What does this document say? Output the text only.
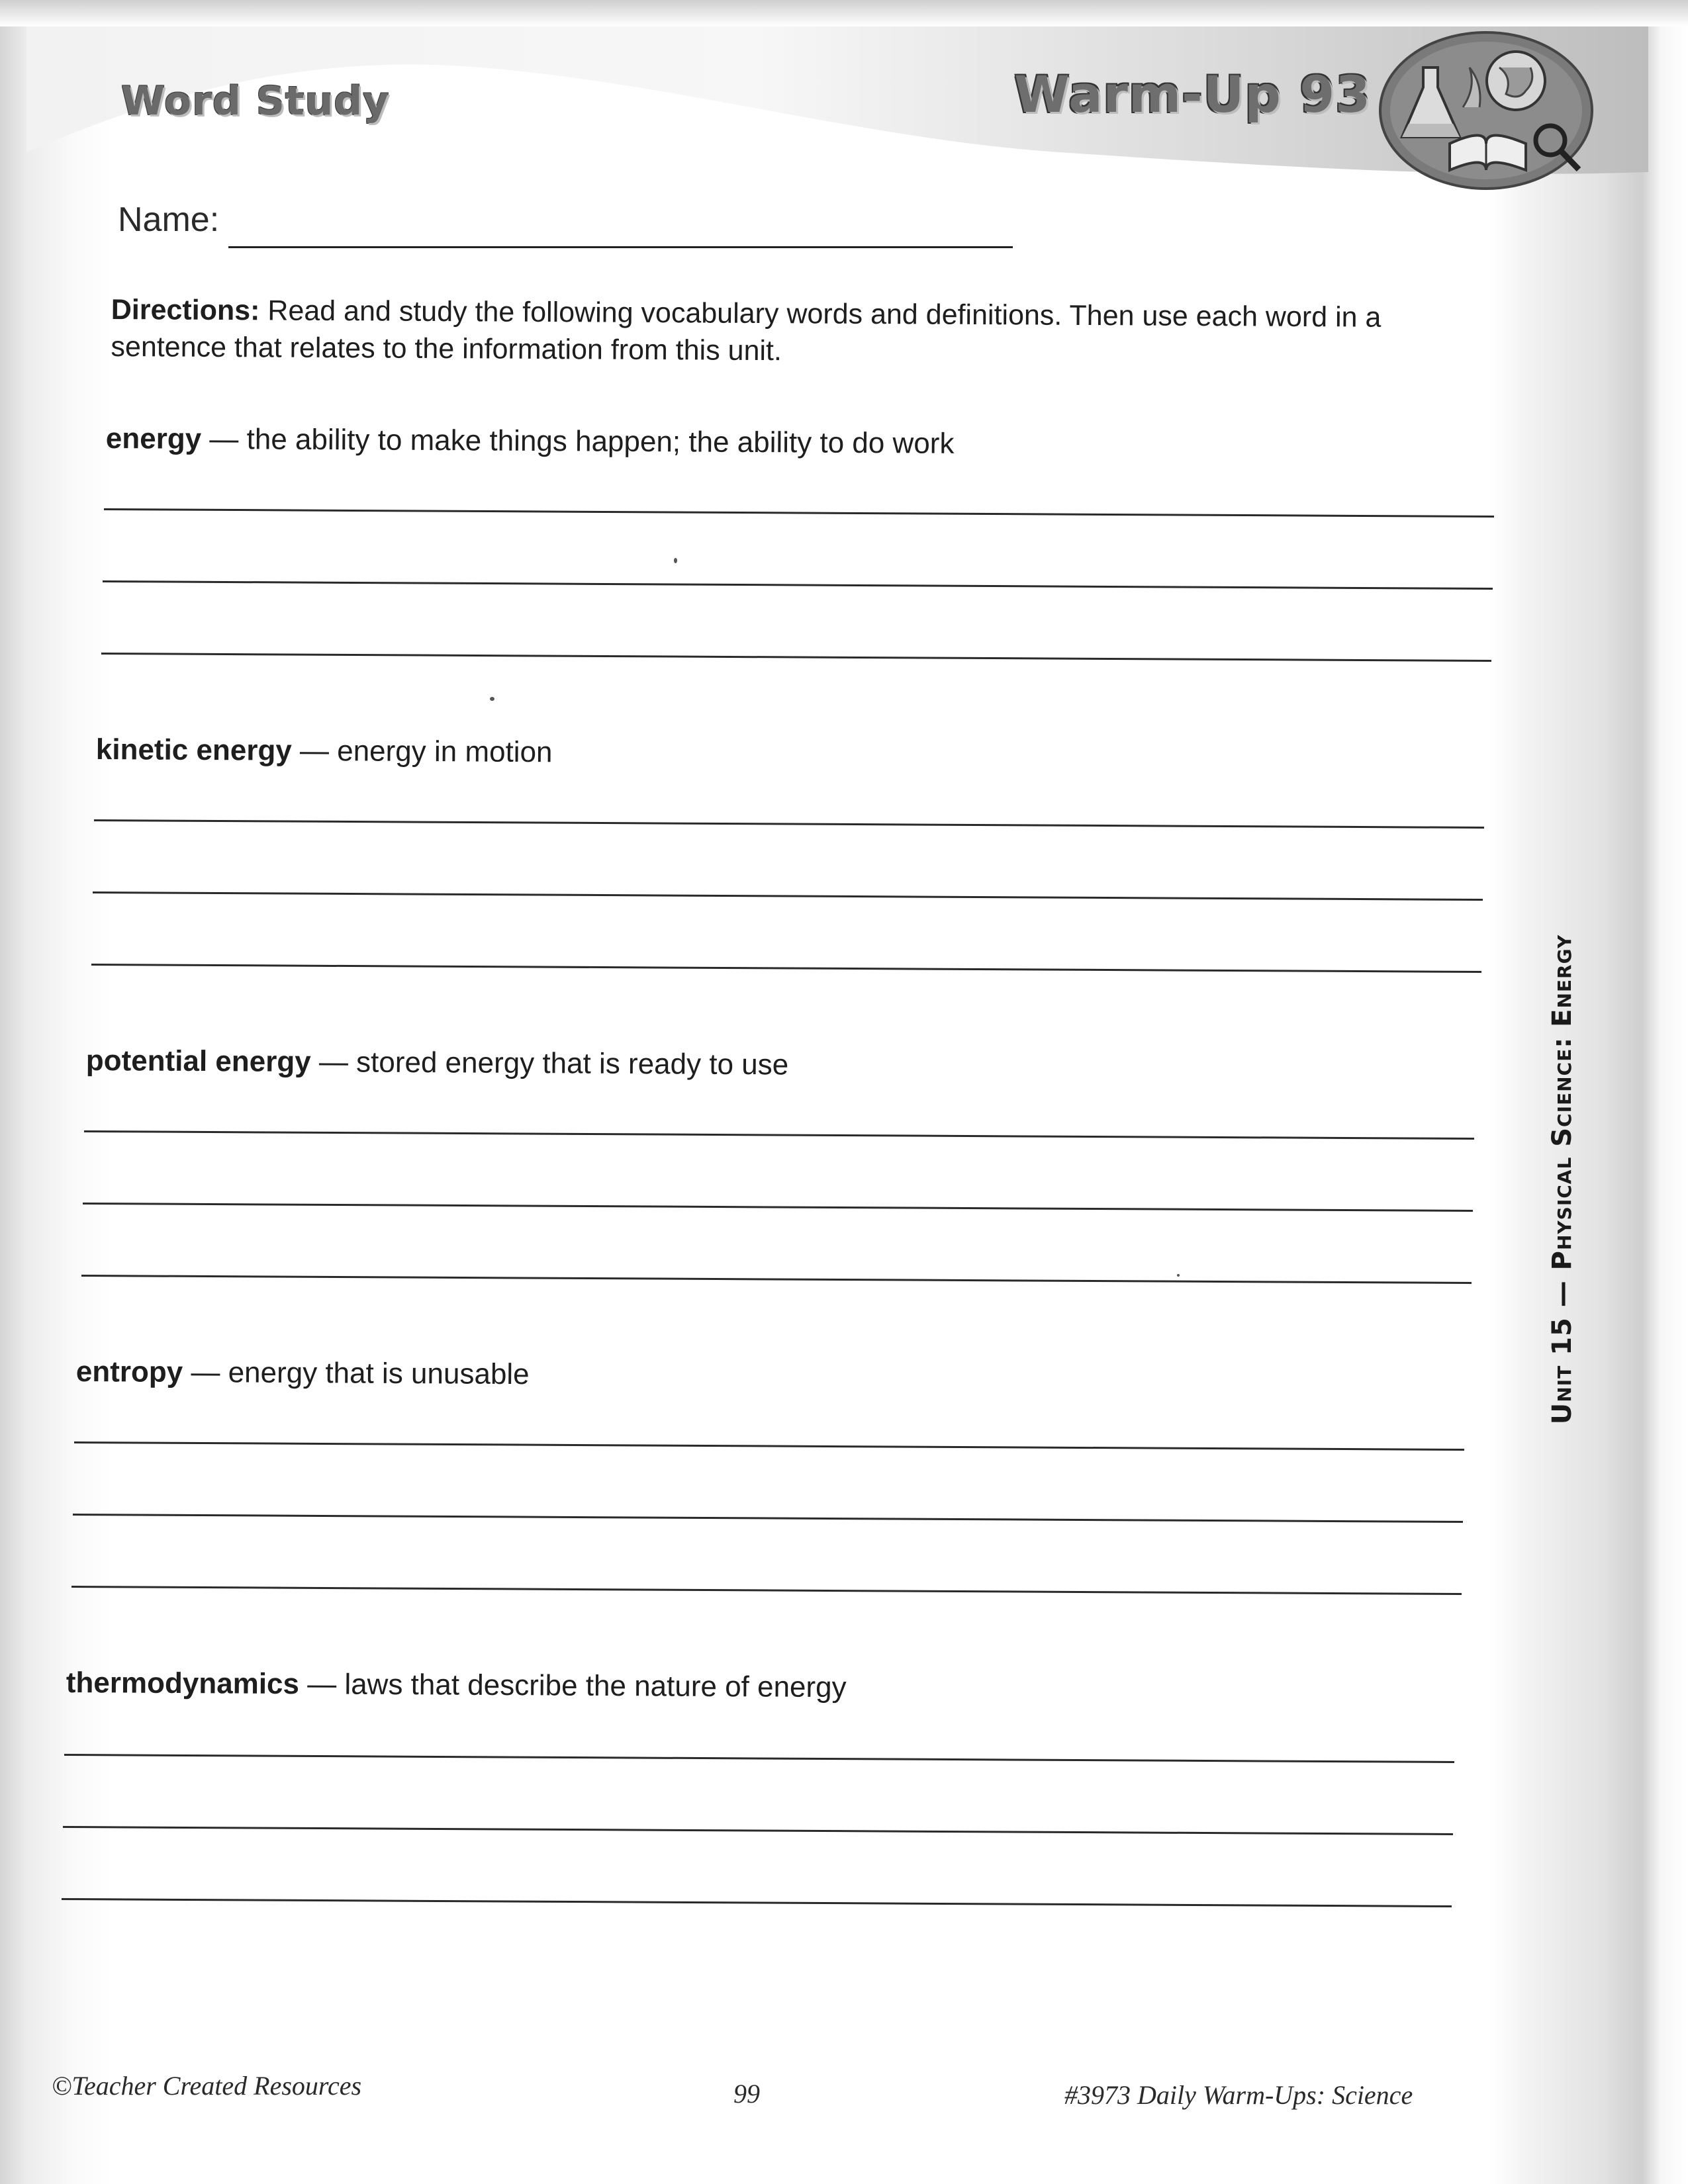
Word Study	Warm-Up 93
Name:
Directions: Read and study the following vocabulary words and definitions. Then use each word in a sentence that relates to the information from this unit.
energy — the ability to make things happen; the ability to do work
kinetic energy — energy in motion
potential energy — stored energy that is ready to use
entropy — energy that is unusable
thermodynamics — laws that describe the nature of energy
Unit 15 — Physical Science: Energy
©Teacher Created Resources	99	#3973 Daily Warm-Ups: Science
